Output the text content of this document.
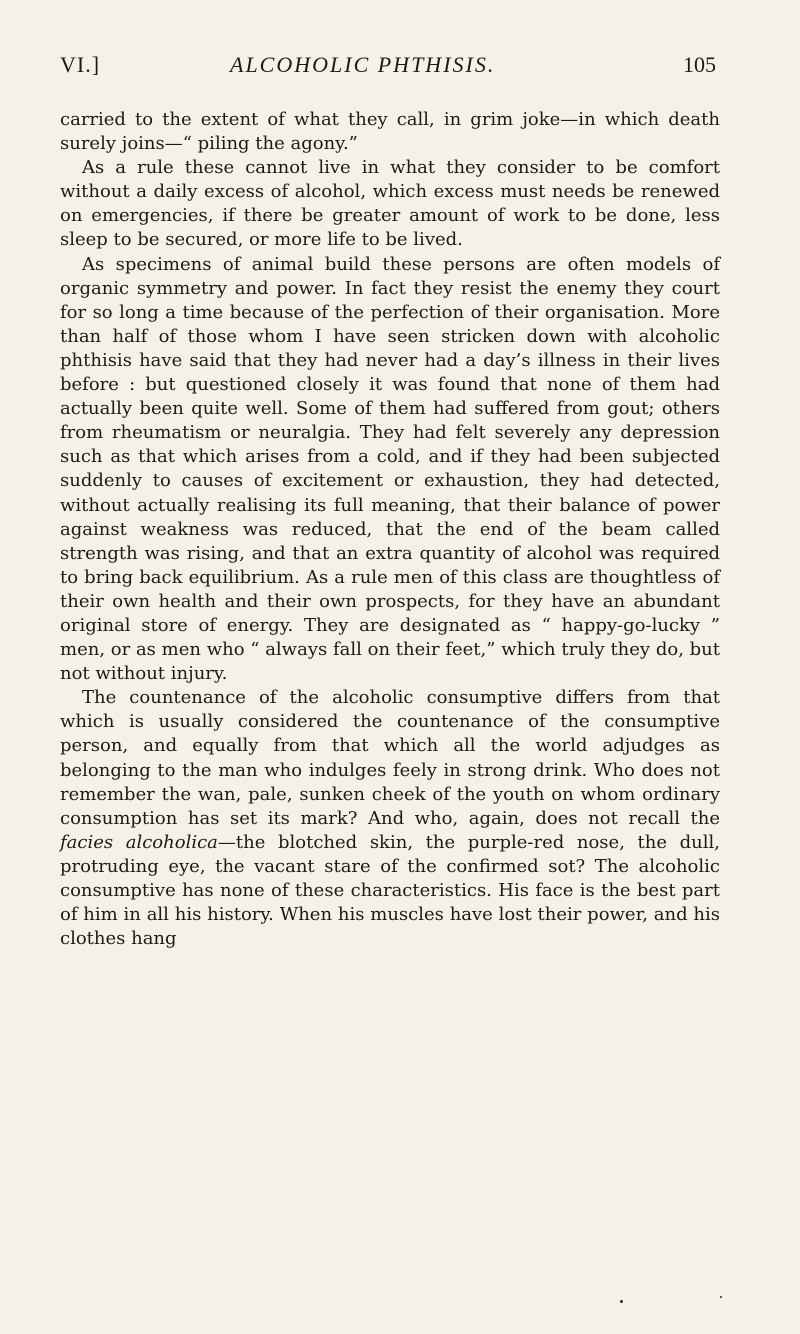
VI.]	ALCOHOLIC PHTHISIS.	105

carried to the extent of what they call, in grim joke—in which death surely joins—“ piling the agony.”

As a rule these cannot live in what they consider to be comfort without a daily excess of alcohol, which excess must needs be renewed on emergencies, if there be greater amount of work to be done, less sleep to be secured, or more life to be lived.

As specimens of animal build these persons are often models of organic symmetry and power. In fact they resist the enemy they court for so long a time because of the perfection of their organisation. More than half of those whom I have seen stricken down with alcoholic phthisis have said that they had never had a day’s illness in their lives before : but questioned closely it was found that none of them had actually been quite well. Some of them had suffered from gout; others from rheumatism or neuralgia. They had felt severely any depression such as that which arises from a cold, and if they had been subjected suddenly to causes of excitement or exhaustion, they had detected, without actually realising its full meaning, that their balance of power against weakness was reduced, that the end of the beam called strength was rising, and that an extra quantity of alcohol was required to bring back equilibrium. As a rule men of this class are thoughtless of their own health and their own prospects, for they have an abundant original store of energy. They are designated as “ happy-go-lucky ” men, or as men who “ always fall on their feet,” which truly they do, but not without injury.

The countenance of the alcoholic consumptive differs from that which is usually considered the countenance of the consumptive person, and equally from that which all the world adjudges as belonging to the man who indulges feely in strong drink. Who does not remember the wan, pale, sunken cheek of the youth on whom ordinary consumption has set its mark? And who, again, does not recall the facies alcoholica—the blotched skin, the purple-red nose, the dull, protruding eye, the vacant stare of the confirmed sot? The alcoholic consumptive has none of these characteristics. His face is the best part of him in all his history. When his muscles have lost their power, and his clothes hang
